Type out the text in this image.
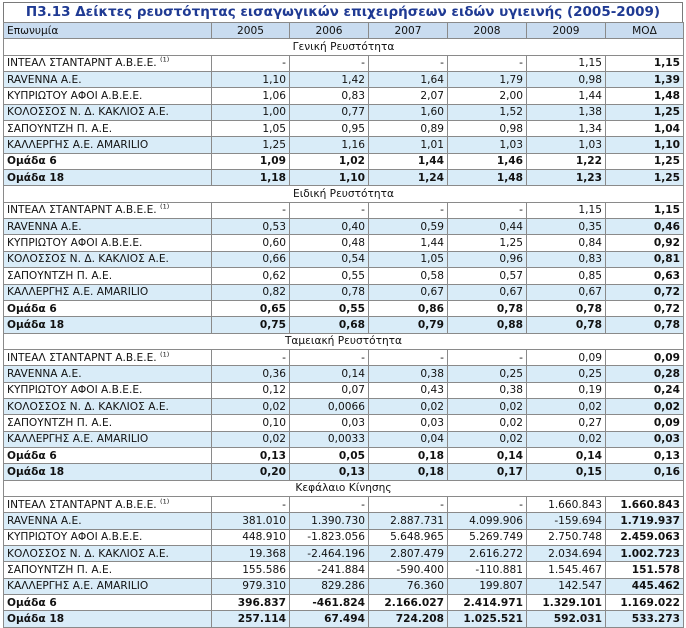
Π3.13 Δείκτες ρευστότητας εισαγωγικών επιχειρήσεων ειδών υγιεινής (2005-2009)
Επωνυμία	2005	2006	2007	2008	2009	ΜΟΔ
Γενική Ρευστότητα						
ΙΝΤΕΑΛ ΣΤΑΝΤΑΡΝΤ Α.Β.Ε.Ε. $^{(1)}$	-	-	-	-	1,15	1,15
RAVENNA Α.Ε.	1,10	1,42	1,64	1,79	0,98	1,39
ΚΥΠΡΙΩΤΟΥ ΑΦΟΙ Α.Β.Ε.Ε.	1,06	0,83	2,07	2,00	1,44	1,48
ΚΟΛΟΣΣΟΣ Ν. Δ. ΚΑΚΛΙΟΣ Α.Ε.	1,00	0,77	1,60	1,52	1,38	1,25
ΣΑΠΟΥΝΤΖΗ Π. Α.Ε.	1,05	0,95	0,89	0,98	1,34	1,04
ΚΑΛΛΕΡΓΗΣ Α.Ε. AMARILIO	1,25	1,16	1,01	1,03	1,03	1,10
Ομάδα 6	1,09	1,02	1,44	1,46	1,22	1,25
Ομάδα 18	1,18	1,10	1,24	1,48	1,23	1,25
Ειδική Ρευστότητα						
ΙΝΤΕΑΛ ΣΤΑΝΤΑΡΝΤ Α.Β.Ε.Ε. $^{(1)}$	-	-	-	-	1,15	1,15
RAVENNA Α.Ε.	0,53	0,40	0,59	0,44	0,35	0,46
ΚΥΠΡΙΩΤΟΥ ΑΦΟΙ Α.Β.Ε.Ε.	0,60	0,48	1,44	1,25	0,84	0,92
ΚΟΛΟΣΣΟΣ Ν. Δ. ΚΑΚΛΙΟΣ Α.Ε.	0,66	0,54	1,05	0,96	0,83	0,81
ΣΑΠΟΥΝΤΖΗ Π. Α.Ε.	0,62	0,55	0,58	0,57	0,85	0,63
ΚΑΛΛΕΡΓΗΣ Α.Ε. AMARILIO	0,82	0,78	0,67	0,67	0,67	0,72
Ομάδα 6	0,65	0,55	0,86	0,78	0,78	0,72
Ομάδα 18	0,75	0,68	0,79	0,88	0,78	0,78
Ταμειακή Ρευστότητα						
ΙΝΤΕΑΛ ΣΤΑΝΤΑΡΝΤ Α.Β.Ε.Ε. $^{(1)}$	-	-	-	-	0,09	0,09
RAVENNA Α.Ε.	0,36	0,14	0,38	0,25	0,25	0,28
ΚΥΠΡΙΩΤΟΥ ΑΦΟΙ Α.Β.Ε.Ε.	0,12	0,07	0,43	0,38	0,19	0,24
ΚΟΛΟΣΣΟΣ Ν. Δ. ΚΑΚΛΙΟΣ Α.Ε.	0,02	0,0066	0,02	0,02	0,02	0,02
ΣΑΠΟΥΝΤΖΗ Π. Α.Ε.	0,10	0,03	0,03	0,02	0,27	0,09
ΚΑΛΛΕΡΓΗΣ Α.Ε. AMARILIO	0,02	0,0033	0,04	0,02	0,02	0,03
Ομάδα 6	0,13	0,05	0,18	0,14	0,14	0,13
Ομάδα 18	0,20	0,13	0,18	0,17	0,15	0,16
Κεφάλαιο Κίνησης						
ΙΝΤΕΑΛ ΣΤΑΝΤΑΡΝΤ Α.Β.Ε.Ε. $^{(1)}$	-	-	-	-	1.660.843	1.660.843
RAVENNA Α.Ε.	381.010	1.390.730	2.887.731	4.099.906	-159.694	1.719.937
ΚΥΠΡΙΩΤΟΥ ΑΦΟΙ Α.Β.Ε.Ε.	448.910	-1.823.056	5.648.965	5.269.749	2.750.748	2.459.063
ΚΟΛΟΣΣΟΣ Ν. Δ. ΚΑΚΛΙΟΣ Α.Ε.	19.368	-2.464.196	2.807.479	2.616.272	2.034.694	1.002.723
ΣΑΠΟΥΝΤΖΗ Π. Α.Ε.	155.586	-241.884	-590.400	-110.881	1.545.467	151.578
ΚΑΛΛΕΡΓΗΣ Α.Ε. AMARILIO	979.310	829.286	76.360	199.807	142.547	445.462
Ομάδα 6	396.837	-461.824	2.166.027	2.414.971	1.329.101	1.169.022
Ομάδα 18	257.114	67.494	724.208	1.025.521	592.031	533.273
